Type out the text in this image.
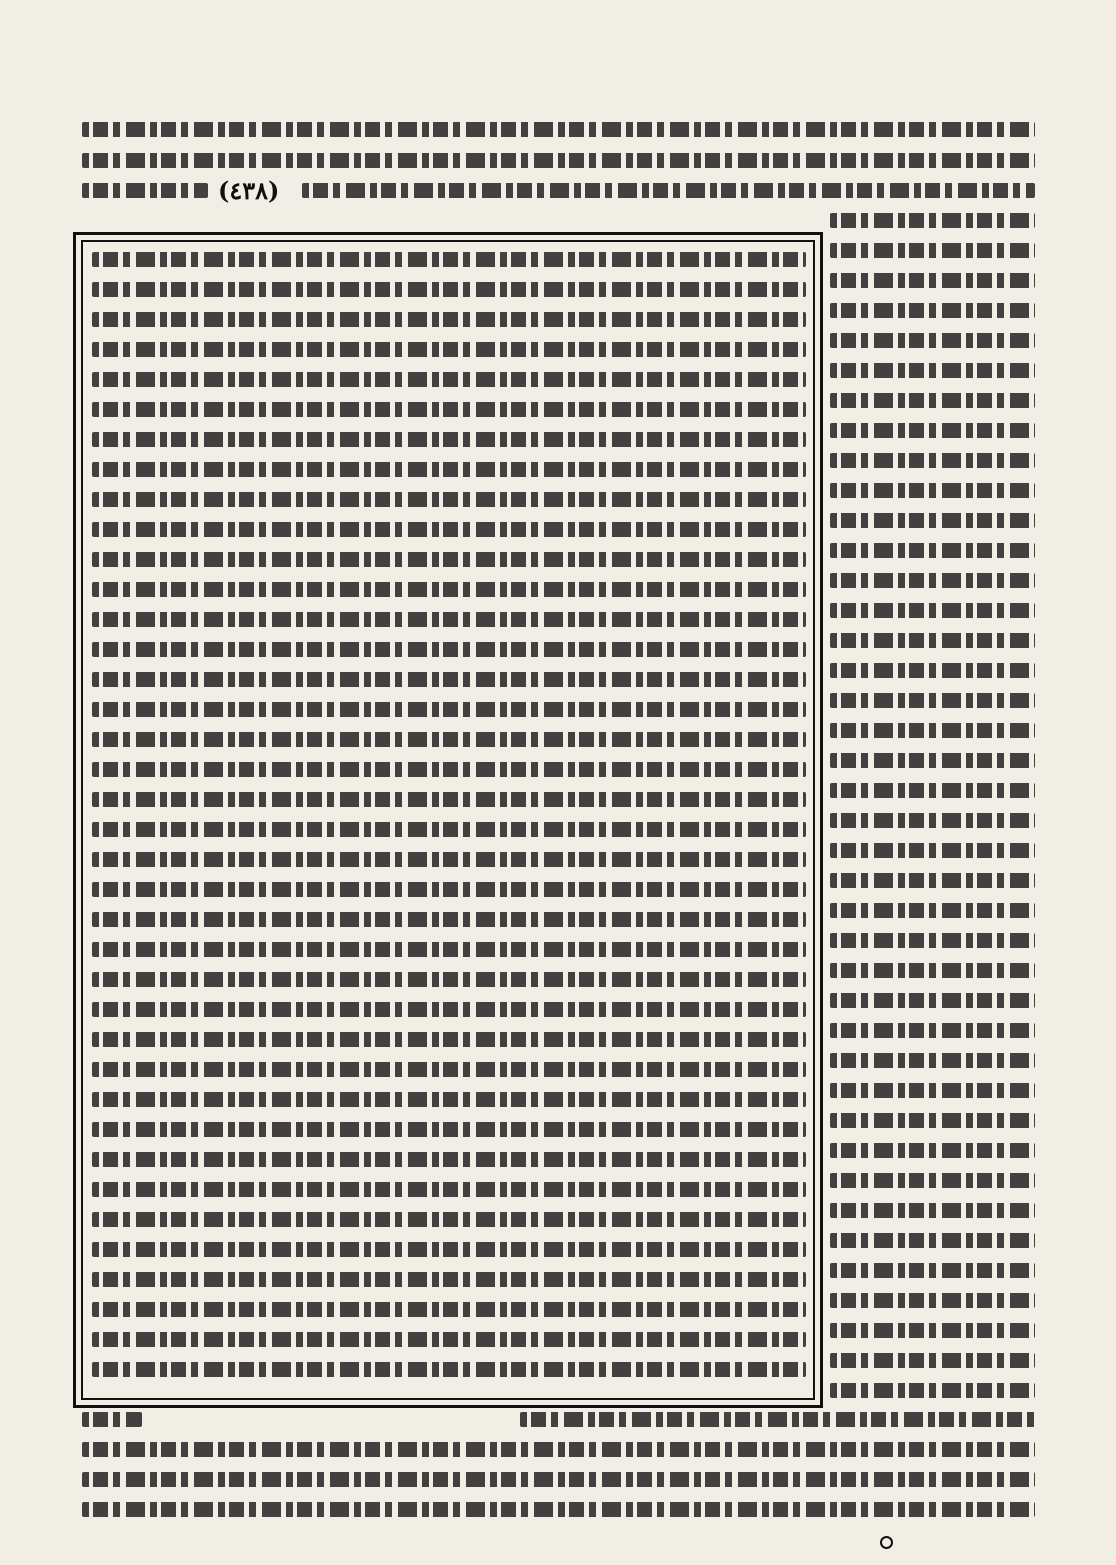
(٤٣٨)
